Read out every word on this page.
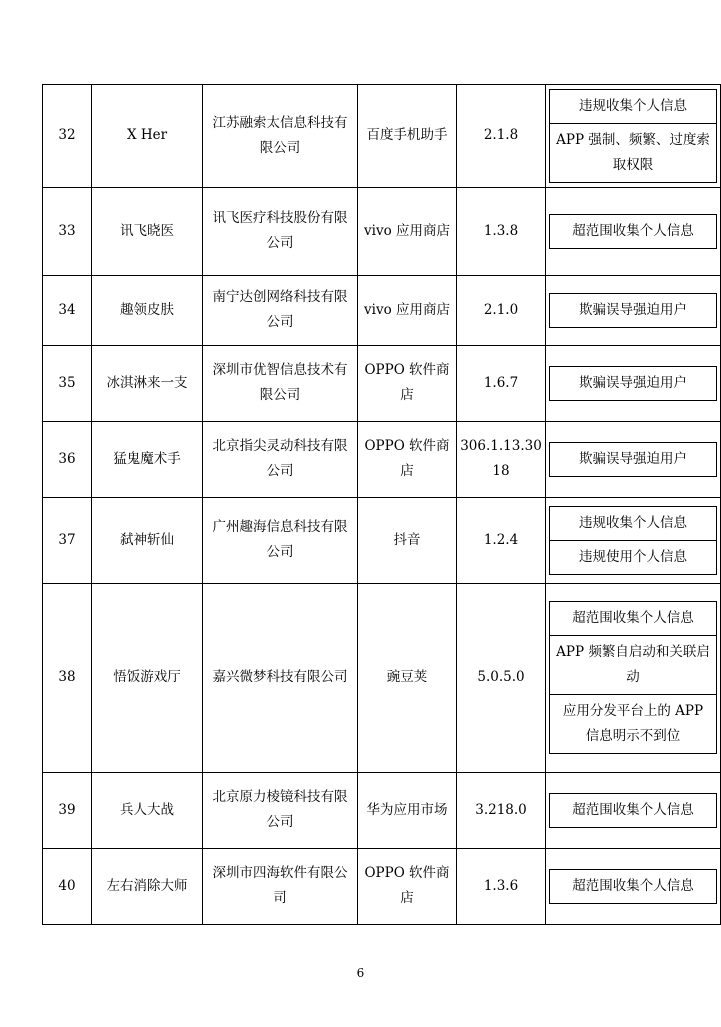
32	X Her	江苏融索太信息科技有限公司	百度手机助手	2.1.8	违规收集个人信息
APP 强制、频繁、过度索取权限

33	讯飞晓医	讯飞医疗科技股份有限公司	vivo 应用商店	1.3.8	超范围收集个人信息

34	趣领皮肤	南宁达创网络科技有限公司	vivo 应用商店	2.1.0	欺骗误导强迫用户

35	冰淇淋来一支	深圳市优智信息技术有限公司	OPPO 软件商店	1.6.7	欺骗误导强迫用户

36	猛鬼魔术手	北京指尖灵动科技有限公司	OPPO 软件商店	306.1.13.3018	欺骗误导强迫用户

37	弑神斩仙	广州趣海信息科技有限公司	抖音	1.2.4	违规收集个人信息
违规使用个人信息

38	悟饭游戏厅	嘉兴微梦科技有限公司	豌豆荚	5.0.5.0	超范围收集个人信息
APP 频繁自启动和关联启动
应用分发平台上的 APP 信息明示不到位

39	兵人大战	北京原力棱镜科技有限公司	华为应用市场	3.218.0	超范围收集个人信息

40	左右消除大师	深圳市四海软件有限公司	OPPO 软件商店	1.3.6	超范围收集个人信息
6
